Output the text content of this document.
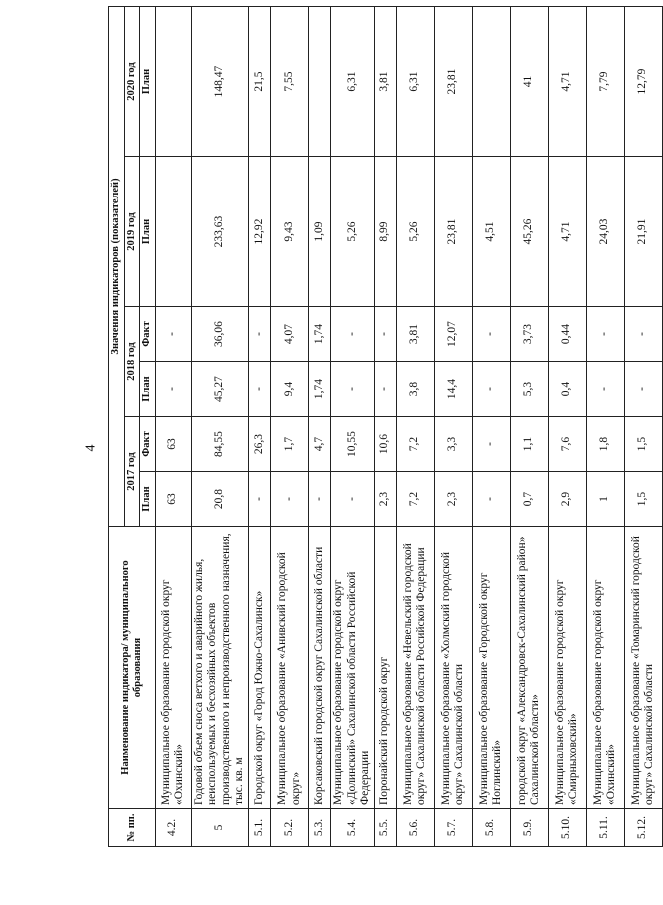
4
№ пп.	Наименование индикатора/ муниципального образования	Значения индикаторов (показателей)					
		2017 год		2018 год		2019 год	2020 год
		План	Факт	План	Факт	План	План
4.2.	Муниципальное образование городской округ «Охинский»	63	63	-	-		
5	Годовой объем сноса ветхого и аварийного жилья, неиспользуемых и бесхозяйных объектов производственного и непроизводственного назначения, тыс. кв. м	20,8	84,55	45,27	36,06	233,63	148,47
5.1.	Городской округ «Город Южно-Сахалинск»	-	26,3	-	-	12,92	21,5
5.2.	Муниципальное образование «Анивский городской округ»	-	1,7	9,4	4,07	9,43	7,55
5.3.	Корсаковский городской округ Сахалинской области	-	4,7	1,74	1,74	1,09	
5.4.	Муниципальное образование городской округ «Долинский» Сахалинской области Российской Федерации	-	10,55	-	-	5,26	6,31
5.5.	Поронайский городской округ	2,3	10,6	-	-	8,99	3,81
5.6.	Муниципальное образование «Невельский городской округ» Сахалинской области Российской Федерации	7,2	7,2	3,8	3,81	5,26	6,31
5.7.	Муниципальное образование «Холмский городской округ» Сахалинской области	2,3	3,3	14,4	12,07	23,81	23,81
5.8.	Муниципальное образование «Городской округ Ноглинский»	-	-	-	-	4,51	
5.9.	городской округ «Александровск-Сахалинский район» Сахалинской области»	0,7	1,1	5,3	3,73	45,26	41
5.10.	Муниципальное образование городской округ «Смирныховский»	2,9	7,6	0,4	0,44	4,71	4,71
5.11.	Муниципальное образование городской округ «Охинский»	1	1,8	-	-	24,03	7,79
5.12.	Муниципальное образование «Томаринский городской округ» Сахалинской области	1,5	1,5	-	-	21,91	12,79
